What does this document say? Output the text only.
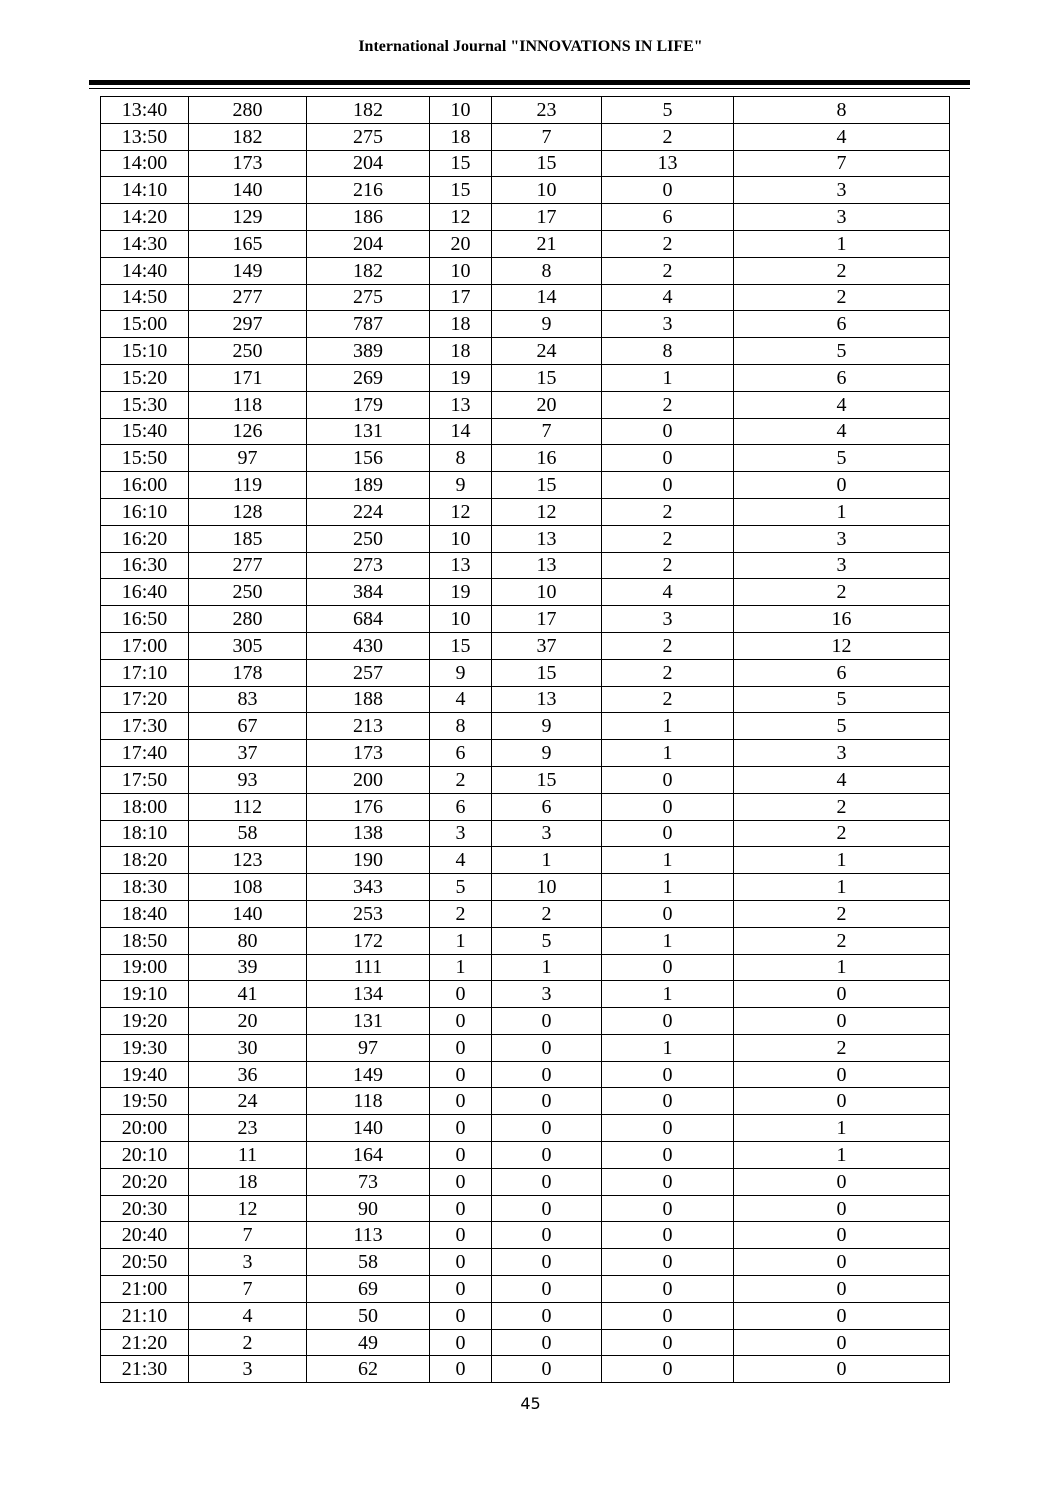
International Journal "INNOVATIONS IN LIFE"
13:40	280	182	10	23	5	8
13:50	182	275	18	7	2	4
14:00	173	204	15	15	13	7
14:10	140	216	15	10	0	3
14:20	129	186	12	17	6	3
14:30	165	204	20	21	2	1
14:40	149	182	10	8	2	2
14:50	277	275	17	14	4	2
15:00	297	787	18	9	3	6
15:10	250	389	18	24	8	5
15:20	171	269	19	15	1	6
15:30	118	179	13	20	2	4
15:40	126	131	14	7	0	4
15:50	97	156	8	16	0	5
16:00	119	189	9	15	0	0
16:10	128	224	12	12	2	1
16:20	185	250	10	13	2	3
16:30	277	273	13	13	2	3
16:40	250	384	19	10	4	2
16:50	280	684	10	17	3	16
17:00	305	430	15	37	2	12
17:10	178	257	9	15	2	6
17:20	83	188	4	13	2	5
17:30	67	213	8	9	1	5
17:40	37	173	6	9	1	3
17:50	93	200	2	15	0	4
18:00	112	176	6	6	0	2
18:10	58	138	3	3	0	2
18:20	123	190	4	1	1	1
18:30	108	343	5	10	1	1
18:40	140	253	2	2	0	2
18:50	80	172	1	5	1	2
19:00	39	111	1	1	0	1
19:10	41	134	0	3	1	0
19:20	20	131	0	0	0	0
19:30	30	97	0	0	1	2
19:40	36	149	0	0	0	0
19:50	24	118	0	0	0	0
20:00	23	140	0	0	0	1
20:10	11	164	0	0	0	1
20:20	18	73	0	0	0	0
20:30	12	90	0	0	0	0
20:40	7	113	0	0	0	0
20:50	3	58	0	0	0	0
21:00	7	69	0	0	0	0
21:10	4	50	0	0	0	0
21:20	2	49	0	0	0	0
21:30	3	62	0	0	0	0
45
